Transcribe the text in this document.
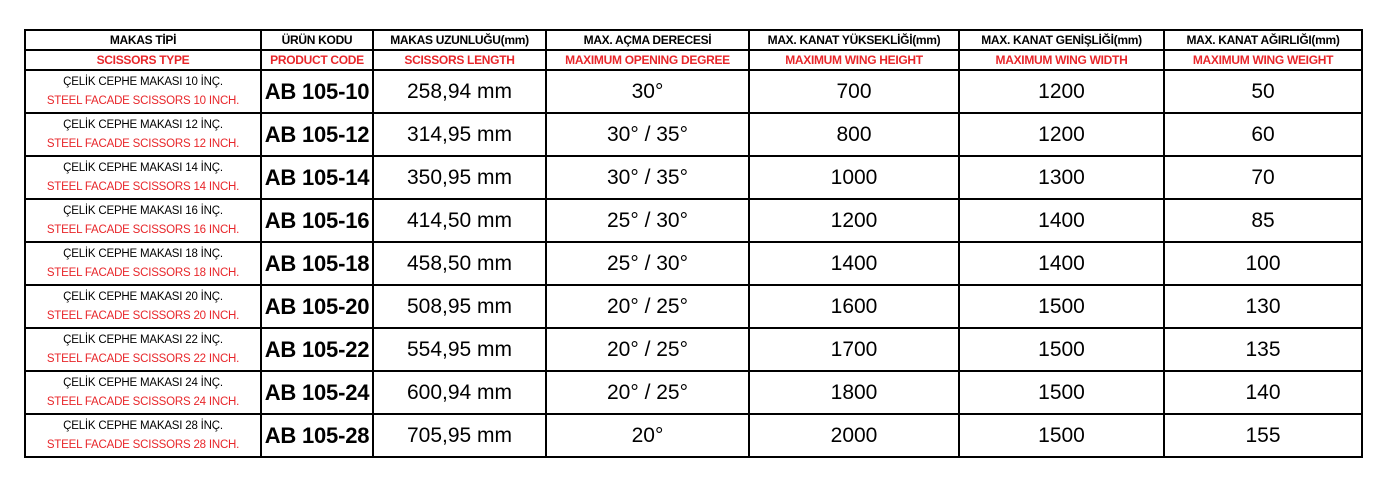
MAKAS TİPİ	ÜRÜN KODU	MAKAS UZUNLUĞU(mm)	MAX. AÇMA DERECESİ	MAX. KANAT YÜKSEKLİĞİ(mm)	MAX. KANAT GENİŞLİĞİ(mm)	MAX. KANAT AĞIRLIĞI(mm)
SCISSORS TYPE	PRODUCT CODE	SCISSORS LENGTH	MAXIMUM OPENING DEGREE	MAXIMUM WING HEIGHT	MAXIMUM WING WIDTH	MAXIMUM WING WEIGHT

ÇELİK CEPHE MAKASI 10 İNÇ.
STEEL FACADE SCISSORS 10 INCH.	AB 105-10	258,94 mm	30°	700	1200	50

ÇELİK CEPHE MAKASI 12 İNÇ.
STEEL FACADE SCISSORS 12 INCH.	AB 105-12	314,95 mm	30° / 35°	800	1200	60

ÇELİK CEPHE MAKASI 14 İNÇ.
STEEL FACADE SCISSORS 14 INCH.	AB 105-14	350,95 mm	30° / 35°	1000	1300	70

ÇELİK CEPHE MAKASI 16 İNÇ.
STEEL FACADE SCISSORS 16 INCH.	AB 105-16	414,50 mm	25° / 30°	1200	1400	85

ÇELİK CEPHE MAKASI 18 İNÇ.
STEEL FACADE SCISSORS 18 INCH.	AB 105-18	458,50 mm	25° / 30°	1400	1400	100

ÇELİK CEPHE MAKASI 20 İNÇ.
STEEL FACADE SCISSORS 20 INCH.	AB 105-20	508,95 mm	20° / 25°	1600	1500	130

ÇELİK CEPHE MAKASI 22 İNÇ.
STEEL FACADE SCISSORS 22 INCH.	AB 105-22	554,95 mm	20° / 25°	1700	1500	135

ÇELİK CEPHE MAKASI 24 İNÇ.
STEEL FACADE SCISSORS 24 INCH.	AB 105-24	600,94 mm	20° / 25°	1800	1500	140

ÇELİK CEPHE MAKASI 28 İNÇ.
STEEL FACADE SCISSORS 28 INCH.	AB 105-28	705,95 mm	20°	2000	1500	155
